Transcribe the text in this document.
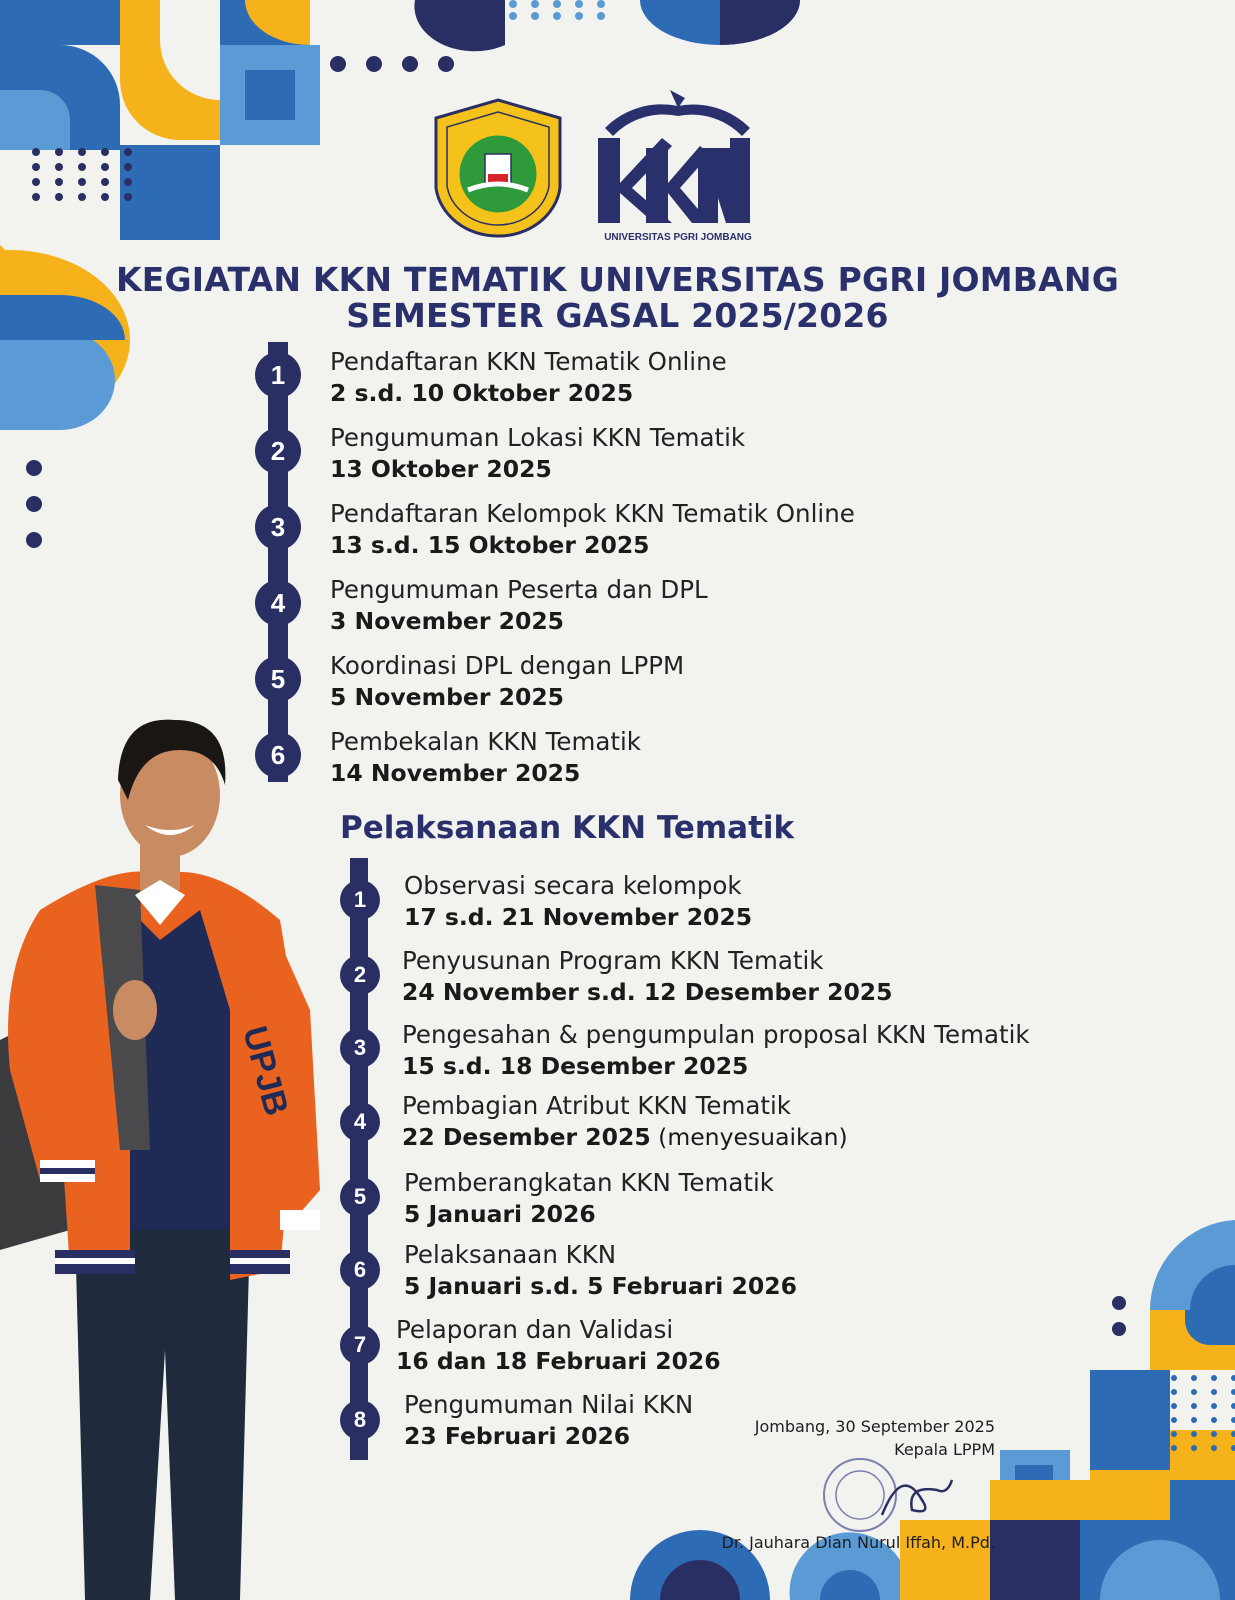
UNIVERSITAS PGRI JOMBANG
KEGIATAN KKN TEMATIK UNIVERSITAS PGRI JOMBANG
SEMESTER GASAL 2025/2026
1	Pendaftaran KKN Tematik Online
2 s.d. 10 Oktober 2025
2	Pengumuman Lokasi KKN Tematik
13 Oktober 2025
3	Pendaftaran Kelompok KKN Tematik Online
13 s.d. 15 Oktober 2025
4	Pengumuman Peserta dan DPL
3 November 2025
5	Koordinasi DPL dengan LPPM
5 November 2025
6	Pembekalan KKN Tematik
14 November 2025
Pelaksanaan KKN Tematik
1	Observasi secara kelompok
17 s.d. 21 November 2025
2	Penyusunan Program KKN Tematik
24 November s.d. 12 Desember 2025
3	Pengesahan & pengumpulan proposal KKN Tematik
15 s.d. 18 Desember 2025
4
Pembagian Atribut KKN Tematik
22 Desember 2025 (menyesuaikan)
5	Pemberangkatan KKN Tematik
5 Januari 2026
6
Pelaksanaan KKN
5 Januari s.d. 5 Februari 2026
7
Pelaporan dan Validasi
16 dan 18 Februari 2026
8
Pengumuman Nilai KKN
23 Februari 2026
UPJB
Jombang, 30 September 2025
Kepala LPPM
Dr. Jauhara Dian Nurul Iffah, M.Pd.
